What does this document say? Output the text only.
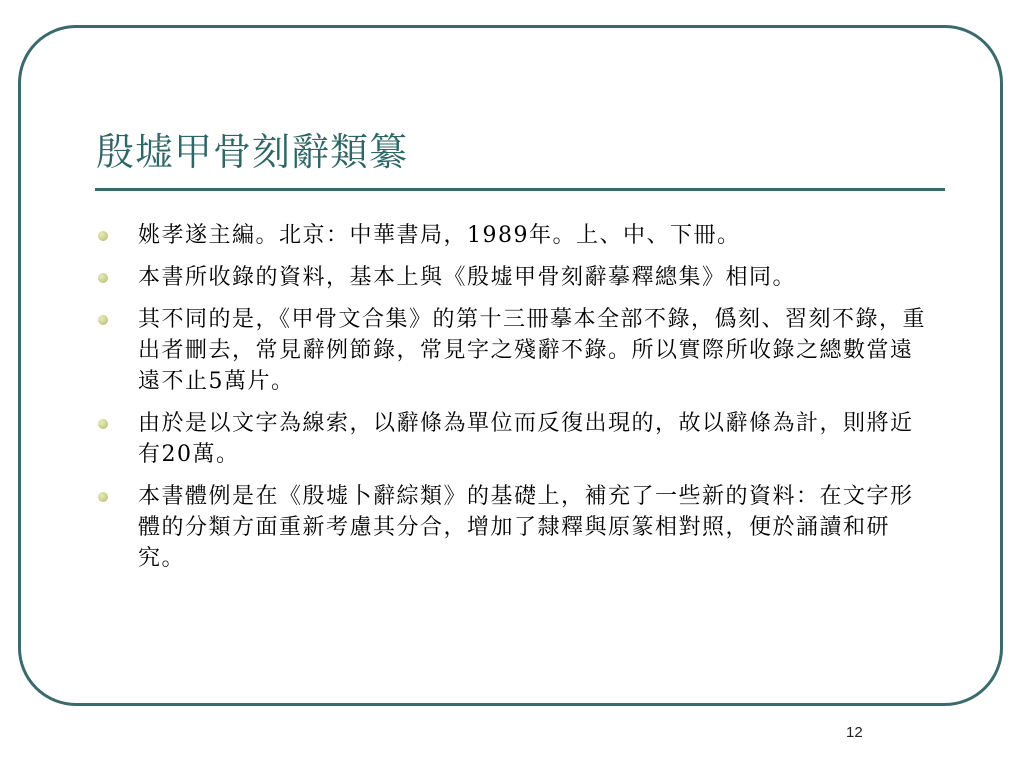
殷墟甲骨刻辭類纂
姚孝遂主編。北京：中華書局，1989年。上、中、下冊。
本書所收錄的資料，基本上與《殷墟甲骨刻辭摹釋總集》相同。
其不同的是，《甲骨文合集》的第十三冊摹本全部不錄，僞刻、習刻不錄，重出者刪去，常見辭例節錄，常見字之殘辭不錄。所以實際所收錄之總數當遠遠不止5萬片。
由於是以文字為線索，以辭條為單位而反復出現的，故以辭條為計，則將近有20萬。
本書體例是在《殷墟卜辭綜類》的基礎上，補充了一些新的資料：在文字形體的分類方面重新考慮其分合，增加了隸釋與原篆相對照，便於誦讀和研究。
12
